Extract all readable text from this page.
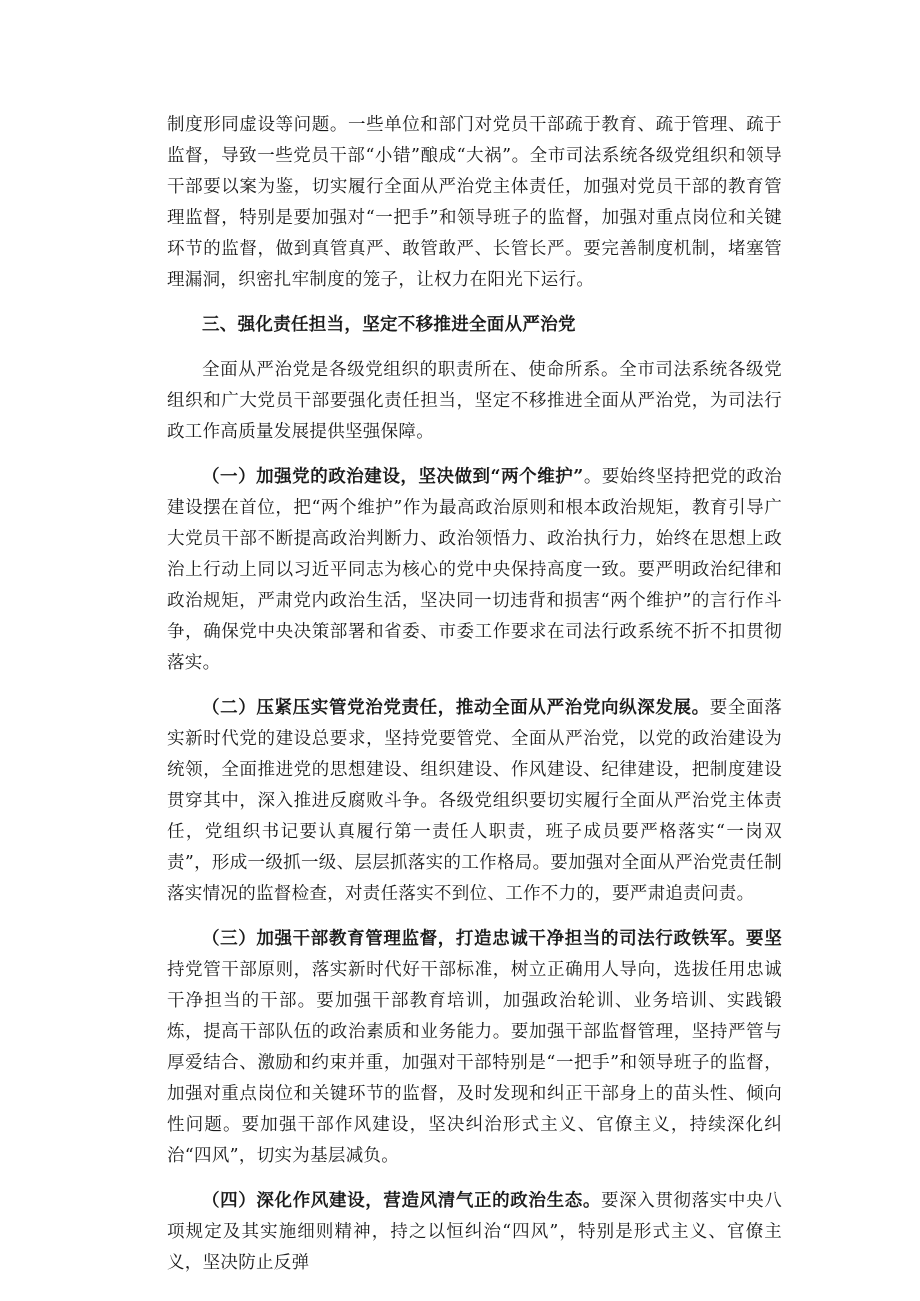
制度形同虚设等问题。一些单位和部门对党员干部疏于教育、疏于管理、疏于监督，导致一些党员干部“小错”酿成“大祸”。全市司法系统各级党组织和领导干部要以案为鉴，切实履行全面从严治党主体责任，加强对党员干部的教育管理监督，特别是要加强对“一把手”和领导班子的监督，加强对重点岗位和关键环节的监督，做到真管真严、敢管敢严、长管长严。要完善制度机制，堵塞管理漏洞，织密扎牢制度的笼子，让权力在阳光下运行。

三、强化责任担当，坚定不移推进全面从严治党

全面从严治党是各级党组织的职责所在、使命所系。全市司法系统各级党组织和广大党员干部要强化责任担当，坚定不移推进全面从严治党，为司法行政工作高质量发展提供坚强保障。

（一）加强党的政治建设，坚决做到“两个维护”。要始终坚持把党的政治建设摆在首位，把“两个维护”作为最高政治原则和根本政治规矩，教育引导广大党员干部不断提高政治判断力、政治领悟力、政治执行力，始终在思想上政治上行动上同以习近平同志为核心的党中央保持高度一致。要严明政治纪律和政治规矩，严肃党内政治生活，坚决同一切违背和损害“两个维护”的言行作斗争，确保党中央决策部署和省委、市委工作要求在司法行政系统不折不扣贯彻落实。

（二）压紧压实管党治党责任，推动全面从严治党向纵深发展。要全面落实新时代党的建设总要求，坚持党要管党、全面从严治党，以党的政治建设为统领，全面推进党的思想建设、组织建设、作风建设、纪律建设，把制度建设贯穿其中，深入推进反腐败斗争。各级党组织要切实履行全面从严治党主体责任，党组织书记要认真履行第一责任人职责，班子成员要严格落实“一岗双责”，形成一级抓一级、层层抓落实的工作格局。要加强对全面从严治党责任制落实情况的监督检查，对责任落实不到位、工作不力的，要严肃追责问责。

（三）加强干部教育管理监督，打造忠诚干净担当的司法行政铁军。要坚持党管干部原则，落实新时代好干部标准，树立正确用人导向，选拔任用忠诚干净担当的干部。要加强干部教育培训，加强政治轮训、业务培训、实践锻炼，提高干部队伍的政治素质和业务能力。要加强干部监督管理，坚持严管与厚爱结合、激励和约束并重，加强对干部特别是“一把手”和领导班子的监督，加强对重点岗位和关键环节的监督，及时发现和纠正干部身上的苗头性、倾向性问题。要加强干部作风建设，坚决纠治形式主义、官僚主义，持续深化纠治“四风”，切实为基层减负。

（四）深化作风建设，营造风清气正的政治生态。要深入贯彻落实中央八项规定及其实施细则精神，持之以恒纠治“四风”，特别是形式主义、官僚主义，坚决防止反弹
